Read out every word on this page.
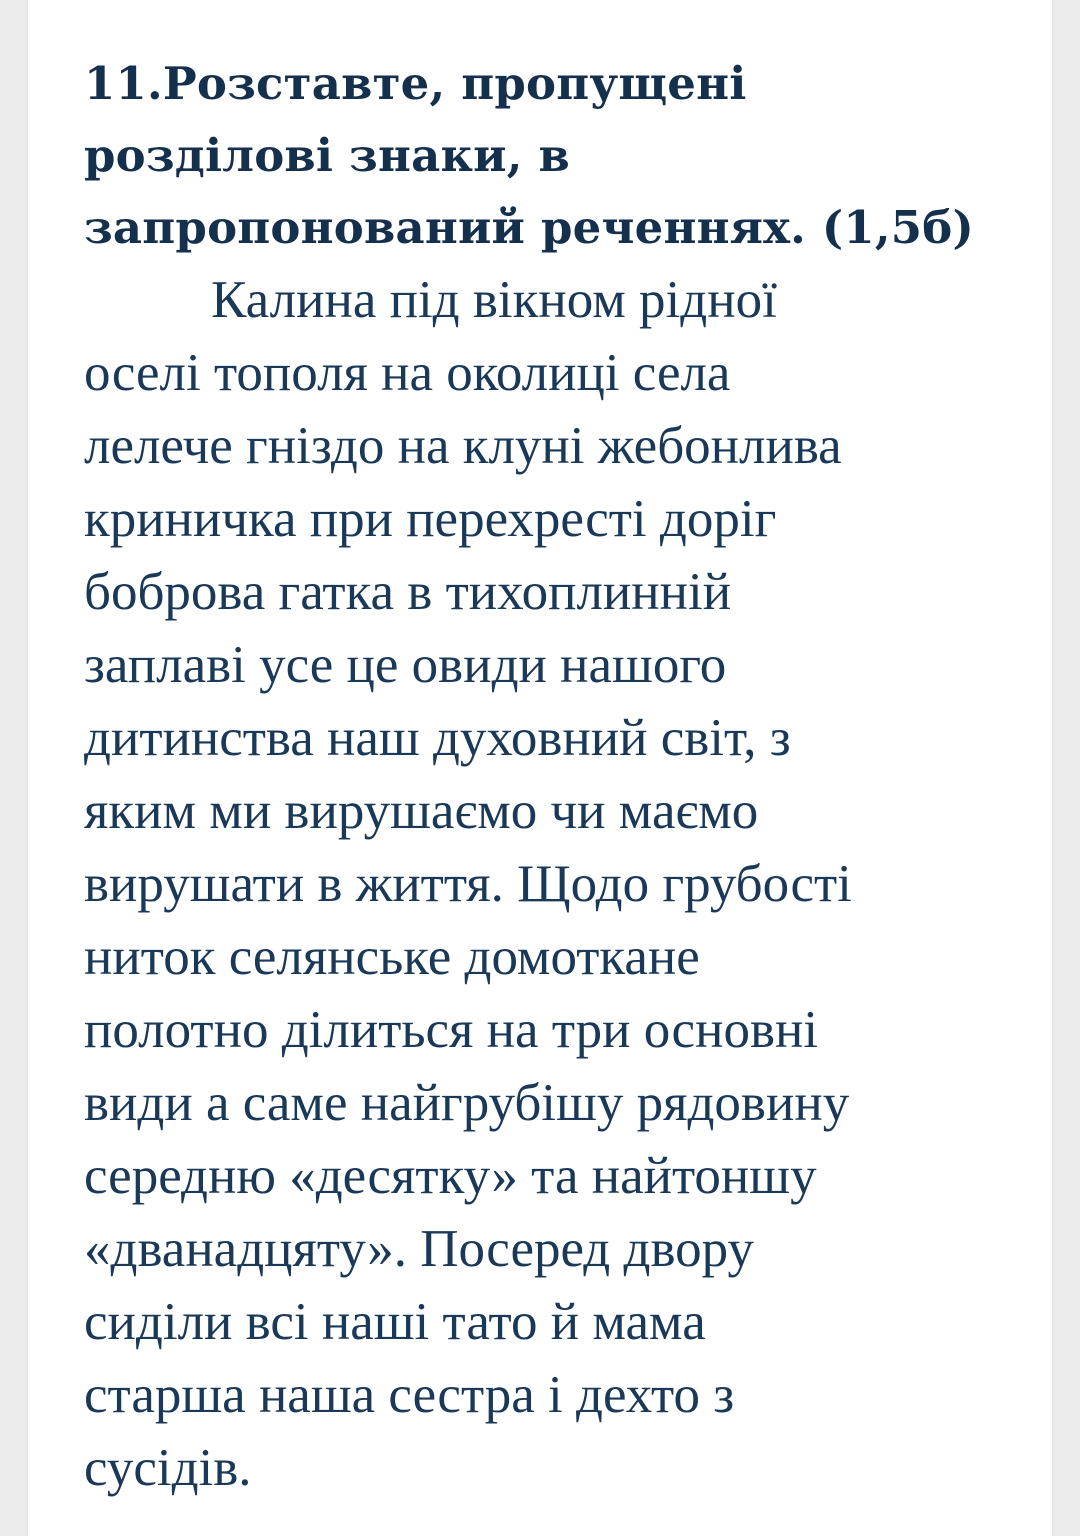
11.Розставте, пропущені
розділові знаки, в
запропонований реченнях. (1,5б)

Калина під вікном рідної
оселі тополя на околиці села
лелече гніздо на клуні жебонлива
криничка при перехресті доріг
боброва гатка в тихоплинній
заплаві усе це овиди нашого
дитинства наш духовний світ, з
яким ми вирушаємо чи маємо
вирушати в життя. Щодо грубості
ниток селянське домоткане
полотно ділиться на три основні
види а саме найгрубішу рядовину
середню «десятку» та найтоншу
«дванадцяту». Посеред двору
сиділи всі наші тато й мама
старша наша сестра і дехто з
сусідів.
